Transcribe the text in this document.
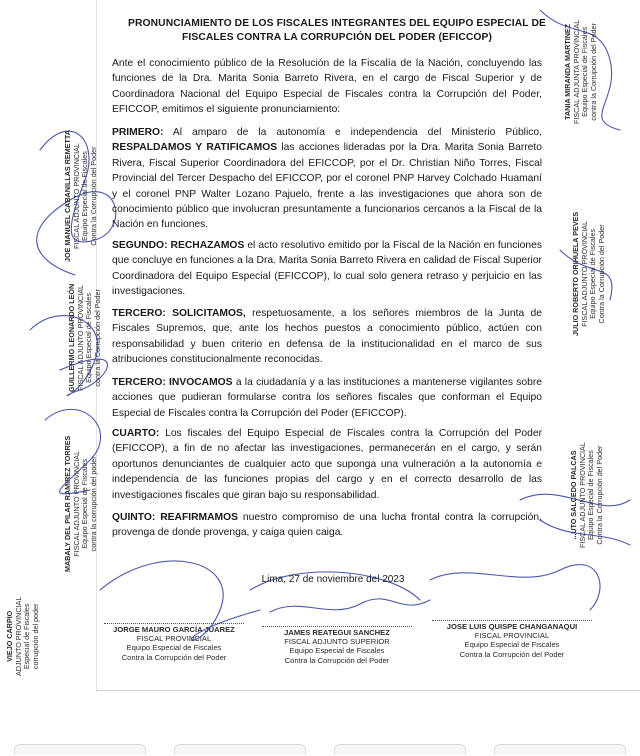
PRONUNCIAMIENTO DE LOS FISCALES INTEGRANTES DEL EQUIPO ESPECIAL DE FISCALES CONTRA LA CORRUPCIÓN DEL PODER (EFICCOP)

Ante el conocimiento público de la Resolución de la Fiscalía de la Nación, concluyendo las funciones de la Dra. Marita Sonia Barreto Rivera, en el cargo de Fiscal Superior y de Coordinadora Nacional del Equipo Especial de Fiscales contra la Corrupción del Poder, EFICCOP, emitimos el siguiente pronunciamiento:

PRIMERO: Al amparo de la autonomía e independencia del Ministerio Público, RESPALDAMOS Y RATIFICAMOS las acciones lideradas por la Dra. Marita Sonia Barreto Rivera, Fiscal Superior Coordinadora del EFICCOP, por el Dr. Christian Niño Torres, Fiscal Provincial del Tercer Despacho del EFICCOP, por el coronel PNP Harvey Colchado Huamaní y el coronel PNP Walter Lozano Pajuelo, frente a las investigaciones que ahora son de conocimiento público que involucran presuntamente a funcionarios cercanos a la Fiscal de la Nación en funciones.

SEGUNDO: RECHAZAMOS el acto resolutivo emitido por la Fiscal de la Nación en funciones que concluye en funciones a la Dra. Marita Sonia Barreto Rivera en calidad de Fiscal Superior Coordinadora del Equipo Especial (EFICCOP), lo cual solo genera retraso y perjuicio en las investigaciones.

TERCERO: SOLICITAMOS, respetuosamente, a los señores miembros de la Junta de Fiscales Supremos, que, ante los hechos puestos a conocimiento público, actúen con responsabilidad y buen criterio en defensa de la institucionalidad en el marco de sus atribuciones constitucionalmente reconocidas.

TERCERO: INVOCAMOS a la ciudadanía y a las instituciones a mantenerse vigilantes sobre acciones que pudieran formularse contra los señores fiscales que conforman el Equipo Especial de Fiscales contra la Corrupción del Poder (EFICCOP).

CUARTO: Los fiscales del Equipo Especial de Fiscales contra la Corrupción del Poder (EFICCOP), a fin de no afectar las investigaciones, permanecerán en el cargo, y serán oportunos denunciantes de cualquier acto que suponga una vulneración a la autonomía e independencia de las funciones propias del cargo y en el correcto desarrollo de las investigaciones fiscales que giran bajo su responsabilidad.

QUINTO: REAFIRMAMOS nuestro compromiso de una lucha frontal contra la corrupción, provenga de donde provenga, y caiga quien caiga.

Lima, 27 de noviembre del 2023
JORGE MAURO GARCÍA JUAREZ
FISCAL PROVINCIAL
Equipo Especial de Fiscales
Contra la Corrupción del Poder
JAMES REATEGUI SANCHEZ
FISCAL ADJUNTO SUPERIOR
Equipo Especial de Fiscales
Contra la Corrupción del Poder
JOSE LUIS QUISPE CHANGANAQUI
FISCAL PROVINCIAL
Equipo Especial de Fiscales
Contra la Corrupción del Poder
JOE MANUEL CABANILLAS REMETTA FISCAL ADJUNTO PROVINCIAL Equipo Especial de Fiscales Contra la Corrupción del Poder
GUILLERMO LEONARDO LEÓN FISCAL ADJUNTO PROVINCIAL Equipo Especial de Fiscales contra la Corrupción del Poder
MABALY DEL PILAR RAMIREZ TORRES FISCAL ADJUNTO PROVINCIAL Equipo Especial de Fiscales contra la corrupción del poder
VIEJO CARPIO ADJUNTO PROVINCIAL Especial de Fiscales corrupción del poder
TANIA MIRANDA MARTINEZ FISCAL ADJUNTA PROVINCIAL Equipo Especial de Fiscales contra la Corrupción del Poder
JULIO ROBERTO ORIHUELA PEVES FISCAL ADJUNTO PROVINCIAL Equipo Especial de Fiscales Contra la Corrupción del Poder
...UTO SALCEDO PALCAS FISCAL ADJUNTO PROVINCIAL Equipo Especial de Fiscales Contra la Corrupción del Poder
